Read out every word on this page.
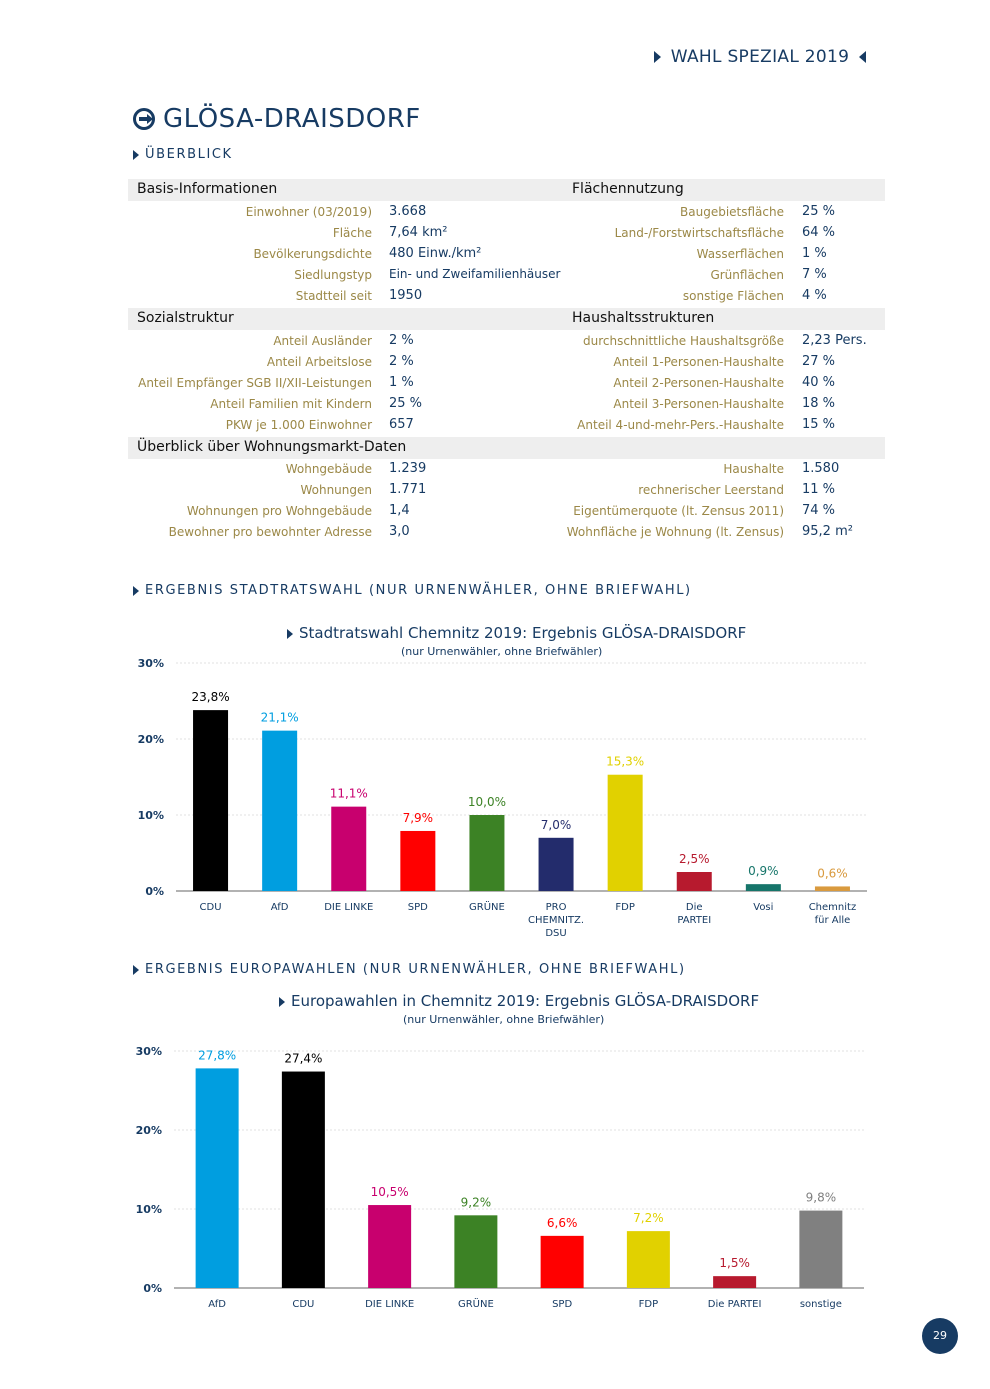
WAHL SPEZIAL 2019
GLÖSA-DRAISDORF
ÜBERBLICK
Basis-Informationen	Flächennutzung
Einwohner (03/2019) 3.668
Fläche 7,64 km²
Bevölkerungsdichte 480 Einw./km²
Siedlungstyp Ein- und Zweifamilienhäuser
Stadtteil seit 1950
Baugebietsfläche 25 %
Land-/Forstwirtschaftsfläche 64 %
Wasserflächen 1 %
Grünflächen 7 %
sonstige Flächen 4 %
Sozialstruktur	Haushaltsstrukturen
Anteil Ausländer 2 %
Anteil Arbeitslose 2 %
Anteil Empfänger SGB II/XII-Leistungen 1 %
Anteil Familien mit Kindern 25 %
PKW je 1.000 Einwohner 657
durchschnittliche Haushaltsgröße 2,23 Pers.
Anteil 1-Personen-Haushalte 27 %
Anteil 2-Personen-Haushalte 40 %
Anteil 3-Personen-Haushalte 18 %
Anteil 4-und-mehr-Pers.-Haushalte 15 %
Überblick über Wohnungsmarkt-Daten
Wohngebäude 1.239
Wohnungen 1.771
Wohnungen pro Wohngebäude 1,4
Bewohner pro bewohnter Adresse 3,0
Haushalte 1.580
rechnerischer Leerstand 11 %
Eigentümerquote (lt. Zensus 2011) 74 %
Wohnfläche je Wohnung (lt. Zensus) 95,2 m²
ERGEBNIS STADTRATSWAHL (NUR URNENWÄHLER, OHNE BRIEFWAHL)
Stadtratswahl Chemnitz 2019: Ergebnis GLÖSA-DRAISDORF
(nur Urnenwähler, ohne Briefwähler)
0%
10%
20%
30%
23,8%
CDU
21,1%
AfD
11,1%
DIE LINKE
7,9%
SPD
10,0%
GRÜNE
7,0%
PRO
CHEMNITZ.
DSU
15,3%
FDP
2,5%
Die
PARTEI
0,9%
Vosi
0,6%
Chemnitz
für Alle
ERGEBNIS EUROPAWAHLEN (NUR URNENWÄHLER, OHNE BRIEFWAHL)
Europawahlen in Chemnitz 2019: Ergebnis GLÖSA-DRAISDORF
(nur Urnenwähler, ohne Briefwähler)
0%
10%
20%
30%	27,8%
AfD
27,4%
CDU
10,5%
DIE LINKE
9,2%
GRÜNE
6,6%
SPD
7,2%
FDP
1,5%
Die PARTEI
9,8%
sonstige
29
